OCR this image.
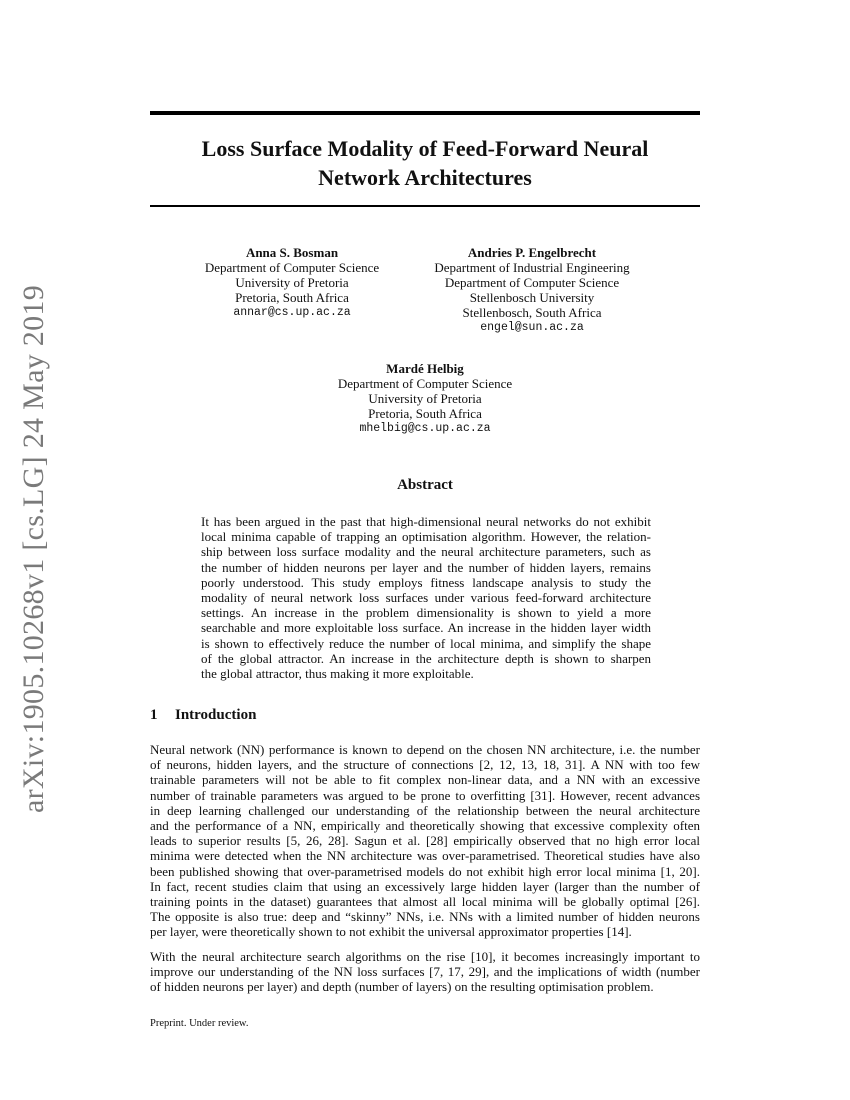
arXiv:1905.10268v1 [cs.LG] 24 May 2019
Loss Surface Modality of Feed-Forward Neural
Network Architectures
Anna S. Bosman
Department of Computer Science
University of Pretoria
Pretoria, South Africa
annar@cs.up.ac.za
Andries P. Engelbrecht
Department of Industrial Engineering
Department of Computer Science
Stellenbosch University
Stellenbosch, South Africa
engel@sun.ac.za
Mardé Helbig
Department of Computer Science
University of Pretoria
Pretoria, South Africa
mhelbig@cs.up.ac.za
Abstract
It has been argued in the past that high-dimensional neural networks do not exhibit
local minima capable of trapping an optimisation algorithm. However, the relation-
ship between loss surface modality and the neural architecture parameters, such as
the number of hidden neurons per layer and the number of hidden layers, remains
poorly understood. This study employs fitness landscape analysis to study the
modality of neural network loss surfaces under various feed-forward architecture
settings. An increase in the problem dimensionality is shown to yield a more
searchable and more exploitable loss surface. An increase in the hidden layer width
is shown to effectively reduce the number of local minima, and simplify the shape
of the global attractor. An increase in the architecture depth is shown to sharpen
the global attractor, thus making it more exploitable.
1 Introduction
Neural network (NN) performance is known to depend on the chosen NN architecture, i.e. the number
of neurons, hidden layers, and the structure of connections [2, 12, 13, 18, 31]. A NN with too few
trainable parameters will not be able to fit complex non-linear data, and a NN with an excessive
number of trainable parameters was argued to be prone to overfitting [31]. However, recent advances
in deep learning challenged our understanding of the relationship between the neural architecture
and the performance of a NN, empirically and theoretically showing that excessive complexity often
leads to superior results [5, 26, 28]. Sagun et al. [28] empirically observed that no high error local
minima were detected when the NN architecture was over-parametrised. Theoretical studies have also
been published showing that over-parametrised models do not exhibit high error local minima [1, 20].
In fact, recent studies claim that using an excessively large hidden layer (larger than the number of
training points in the dataset) guarantees that almost all local minima will be globally optimal [26].
The opposite is also true: deep and “skinny” NNs, i.e. NNs with a limited number of hidden neurons
per layer, were theoretically shown to not exhibit the universal approximator properties [14].
With the neural architecture search algorithms on the rise [10], it becomes increasingly important to
improve our understanding of the NN loss surfaces [7, 17, 29], and the implications of width (number
of hidden neurons per layer) and depth (number of layers) on the resulting optimisation problem.
Preprint. Under review.
